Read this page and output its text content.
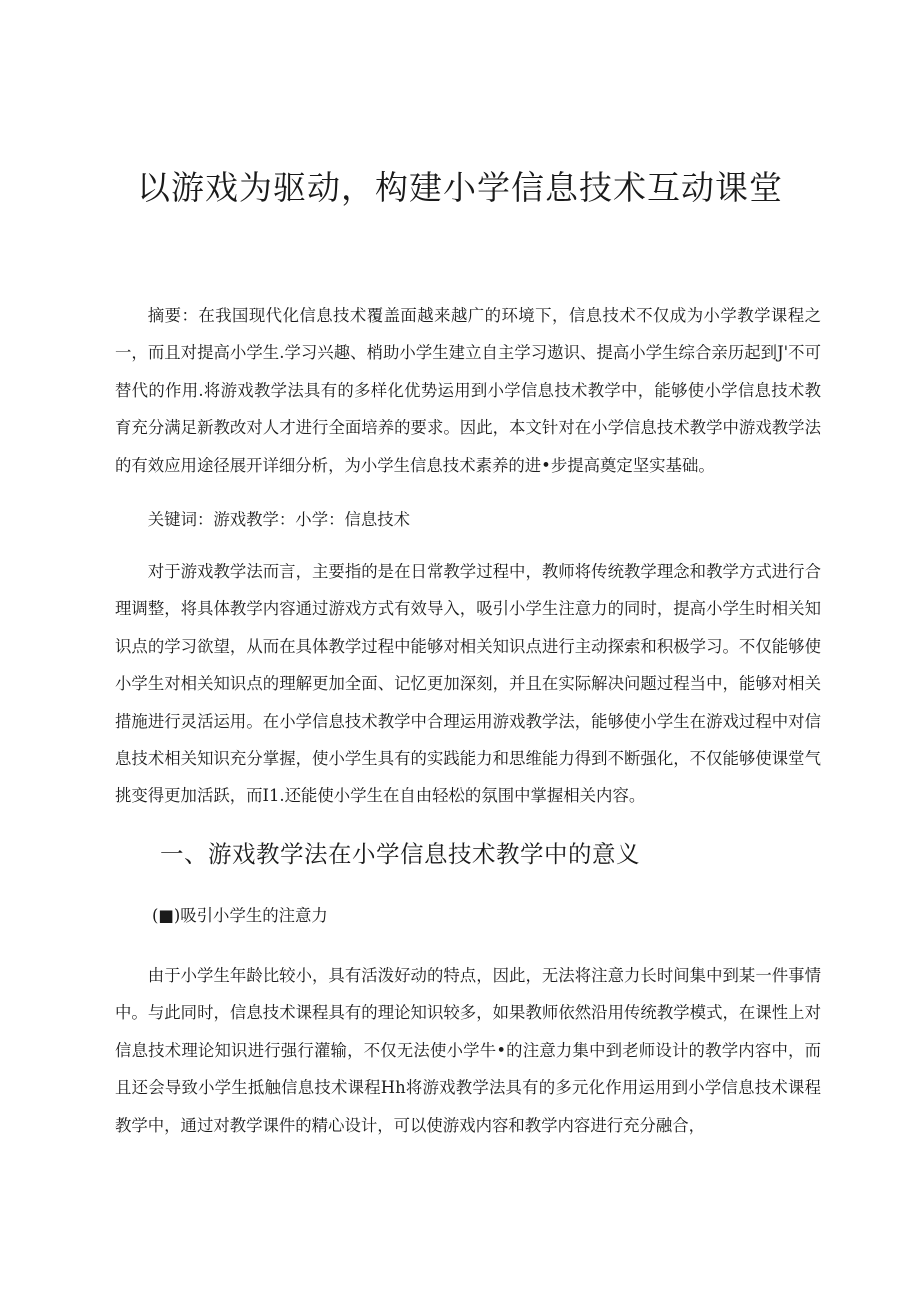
以游戏为驱动，构建小学信息技术互动课堂

摘要：在我国现代化信息技术覆盖面越来越广的环境下，信息技术不仅成为小学教学课程之一，而且对提高小学生.学习兴趣、梢助小学生建立自主学习遨识、提高小学生综合亲历起到J'不可替代的作用.将游戏教学法具有的多样化优势运用到小学信息技术教学中，能够使小学信息技术教育充分满足新教改对人才进行全面培养的要求。因此，本文针对在小学信息技术教学中游戏教学法的有效应用途径展开详细分析，为小学生信息技术素养的进•步提高奠定坚实基础。

关键词：游戏教学：小学：信息技术

对于游戏教学法而言，主要指的是在日常教学过程中，教师将传统教学理念和教学方式进行合理调整，将具体教学内容通过游戏方式有效导入，吸引小学生注意力的同时，提高小学生时相关知识点的学习欲望，从而在具体教学过程中能够对相关知识点进行主动探索和积极学习。不仅能够使小学生对相关知识点的理解更加全面、记忆更加深刻，并且在实际解决问题过程当中，能够对相关措施进行灵活运用。在小学信息技术教学中合理运用游戏教学法，能够使小学生在游戏过程中对信息技术相关知识充分掌握，使小学生具有的实践能力和思维能力得到不断强化，不仅能够使课堂气挑变得更加活跃，而I1.还能使小学生在自由轻松的氛围中掌握相关内容。

一、游戏教学法在小学信息技术教学中的意义
(■)吸引小学生的注意力

由于小学生年龄比较小，具有活泼好动的特点，因此，无法将注意力长时间集中到某一件事情中。与此同时，信息技术课程具有的理论知识较多，如果教师依然沿用传统教学模式，在课性上对信息技术理论知识进行强行灌输，不仅无法使小学牛•的注意力集中到老师设计的教学内容中，而且还会导致小学生抵触信息技术课程Hh将游戏教学法具有的多元化作用运用到小学信息技术课程教学中，通过对教学课件的精心设计，可以使游戏内容和教学内容进行充分融合，
